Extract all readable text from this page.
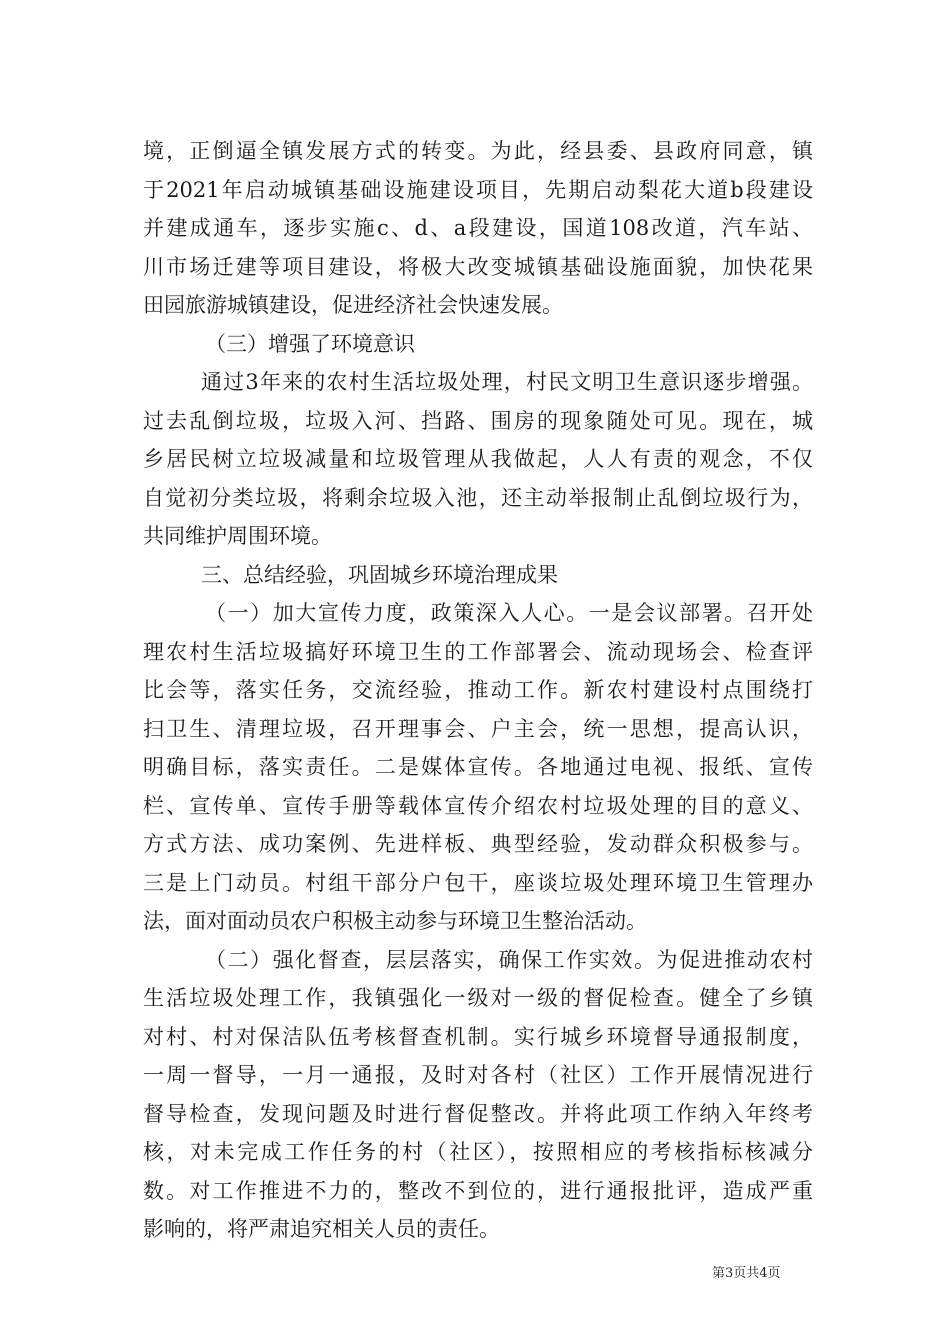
境，正倒逼全镇发展方式的转变。为此，经县委、县政府同意，镇
于2021年启动城镇基础设施建设项目，先期启动梨花大道b段建设
并建成通车，逐步实施c、d、a段建设，国道108改道，汽车站、
川市场迁建等项目建设，将极大改变城镇基础设施面貌，加快花果
田园旅游城镇建设，促进经济社会快速发展。
（三）增强了环境意识
通过3年来的农村生活垃圾处理，村民文明卫生意识逐步增强。
过去乱倒垃圾，垃圾入河、挡路、围房的现象随处可见。现在，城
乡居民树立垃圾减量和垃圾管理从我做起，人人有责的观念，不仅
自觉初分类垃圾，将剩余垃圾入池，还主动举报制止乱倒垃圾行为，
共同维护周围环境。
三、总结经验，巩固城乡环境治理成果
（一）加大宣传力度，政策深入人心。一是会议部署。召开处
理农村生活垃圾搞好环境卫生的工作部署会、流动现场会、检查评
比会等，落实任务，交流经验，推动工作。新农村建设村点围绕打
扫卫生、清理垃圾，召开理事会、户主会，统一思想，提高认识，
明确目标，落实责任。二是媒体宣传。各地通过电视、报纸、宣传
栏、宣传单、宣传手册等载体宣传介绍农村垃圾处理的目的意义、
方式方法、成功案例、先进样板、典型经验，发动群众积极参与。
三是上门动员。村组干部分户包干，座谈垃圾处理环境卫生管理办
法，面对面动员农户积极主动参与环境卫生整治活动。
（二）强化督查，层层落实，确保工作实效。为促进推动农村
生活垃圾处理工作，我镇强化一级对一级的督促检查。健全了乡镇
对村、村对保洁队伍考核督查机制。实行城乡环境督导通报制度，
一周一督导，一月一通报，及时对各村（社区）工作开展情况进行
督导检查，发现问题及时进行督促整改。并将此项工作纳入年终考
核，对未完成工作任务的村（社区），按照相应的考核指标核减分
数。对工作推进不力的，整改不到位的，进行通报批评，造成严重
影响的，将严肃追究相关人员的责任。
第3页共4页
